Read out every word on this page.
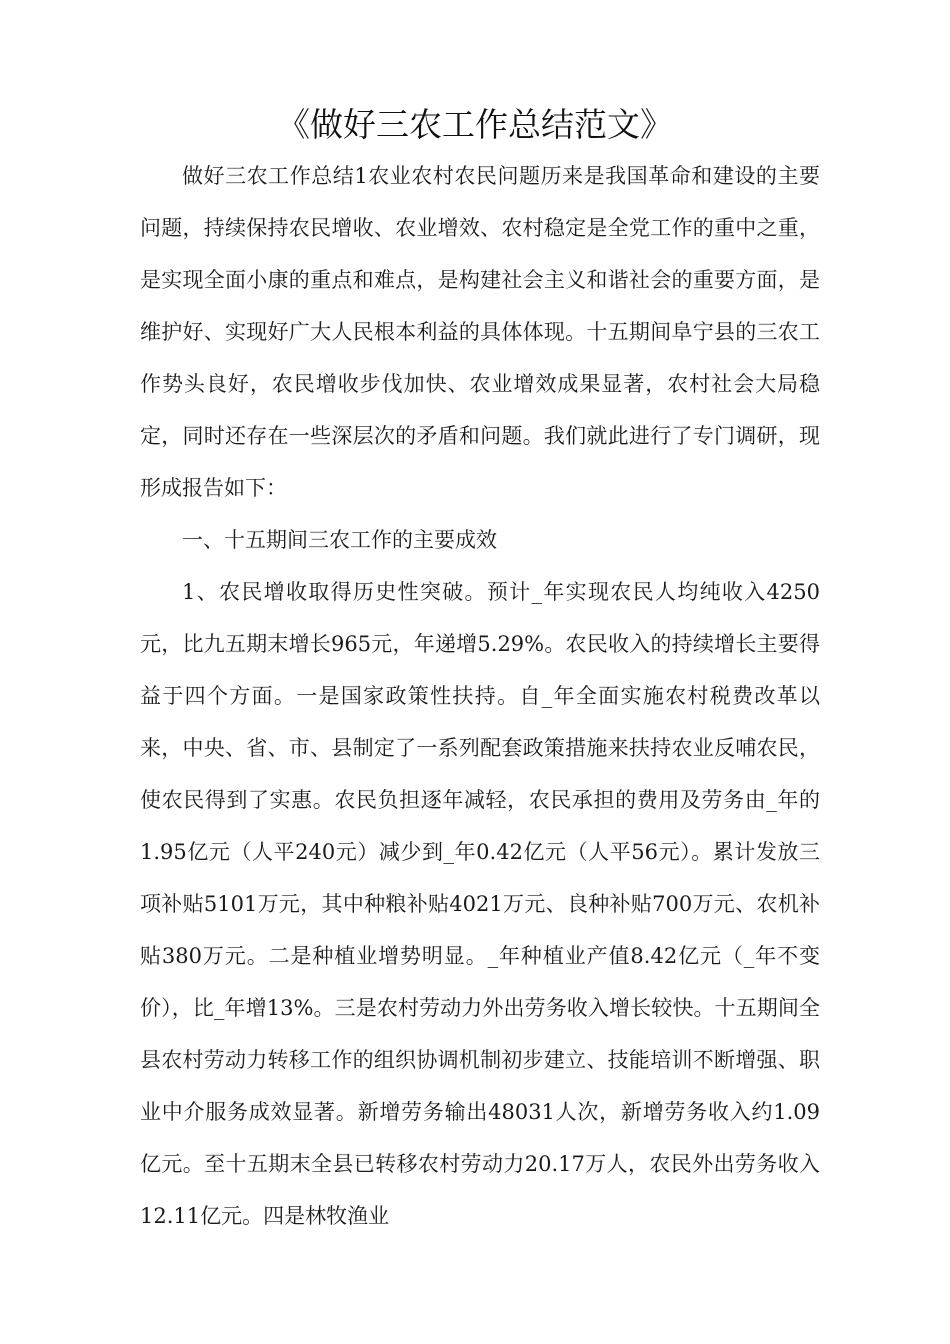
《做好三农工作总结范文》

做好三农工作总结1农业农村农民问题历来是我国革命和建设的主要问题，持续保持农民增收、农业增效、农村稳定是全党工作的重中之重，是实现全面小康的重点和难点，是构建社会主义和谐社会的重要方面，是维护好、实现好广大人民根本利益的具体体现。十五期间阜宁县的三农工作势头良好，农民增收步伐加快、农业增效成果显著，农村社会大局稳定，同时还存在一些深层次的矛盾和问题。我们就此进行了专门调研，现形成报告如下：

一、十五期间三农工作的主要成效

1、农民增收取得历史性突破。预计_年实现农民人均纯收入4250元，比九五期末增长965元，年递增5.29%。农民收入的持续增长主要得益于四个方面。一是国家政策性扶持。自_年全面实施农村税费改革以来，中央、省、市、县制定了一系列配套政策措施来扶持农业反哺农民，使农民得到了实惠。农民负担逐年减轻，农民承担的费用及劳务由_年的1.95亿元（人平240元）减少到_年0.42亿元（人平56元）。累计发放三项补贴5101万元，其中种粮补贴4021万元、良种补贴700万元、农机补贴380万元。二是种植业增势明显。_年种植业产值8.42亿元（_年不变价），比_年增13%。三是农村劳动力外出劳务收入增长较快。十五期间全县农村劳动力转移工作的组织协调机制初步建立、技能培训不断增强、职业中介服务成效显著。新增劳务输出48031人次，新增劳务收入约1.09亿元。至十五期末全县已转移农村劳动力20.17万人，农民外出劳务收入12.11亿元。四是林牧渔业
